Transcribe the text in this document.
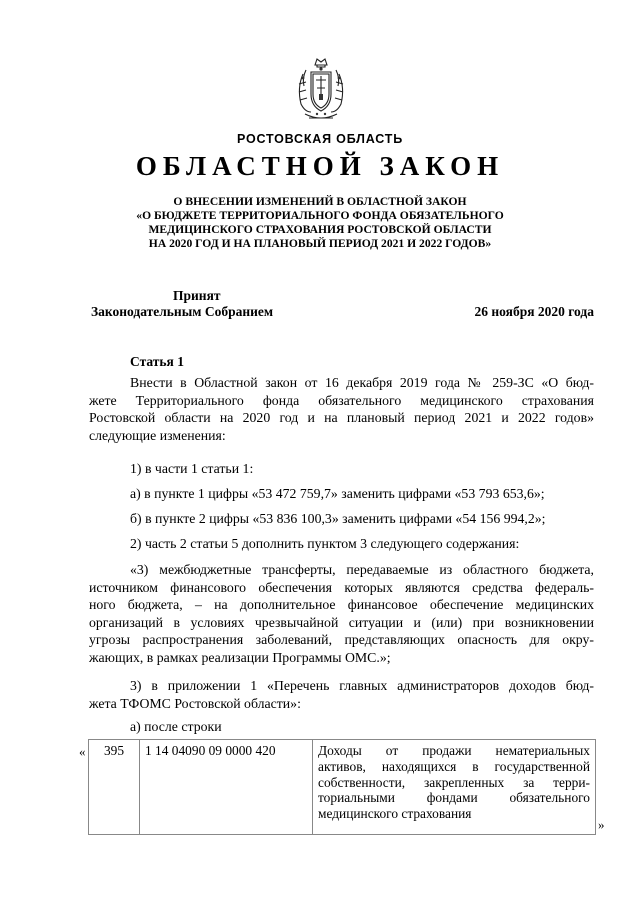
РОСТОВСКАЯ ОБЛАСТЬ
ОБЛАСТНОЙ ЗАКОН
О ВНЕСЕНИИ ИЗМЕНЕНИЙ В ОБЛАСТНОЙ ЗАКОН
«О БЮДЖЕТЕ ТЕРРИТОРИАЛЬНОГО ФОНДА ОБЯЗАТЕЛЬНОГО
МЕДИЦИНСКОГО СТРАХОВАНИЯ РОСТОВСКОЙ ОБЛАСТИ
НА 2020 ГОД И НА ПЛАНОВЫЙ ПЕРИОД 2021 И 2022 ГОДОВ»
Принят
Законодательным Собранием	26 ноября 2020 года
Статья 1
Внести в Областной закон от 16 декабря 2019 года № 259-ЗС «О бюд-
жете Территориального фонда обязательного медицинского страхования
Ростовской области на 2020 год и на плановый период 2021 и 2022 годов»
следующие изменения:
1) в части 1 статьи 1:
а) в пункте 1 цифры «53 472 759,7» заменить цифрами «53 793 653,6»;
б) в пункте 2 цифры «53 836 100,3» заменить цифрами «54 156 994,2»;
2) часть 2 статьи 5 дополнить пунктом 3 следующего содержания:
«3) межбюджетные трансферты, передаваемые из областного бюджета,
источником финансового обеспечения которых являются средства федераль-
ного бюджета, – на дополнительное финансовое обеспечение медицинских
организаций в условиях чрезвычайной ситуации и (или) при возникновении
угрозы распространения заболеваний, представляющих опасность для окру-
жающих, в рамках реализации Программы ОМС.»;
3) в приложении 1 «Перечень главных администраторов доходов бюд-
жета ТФОМС Ростовской области»:
а) после строки
« 395	1 14 04090 09 0000 420	Доходы от продажи нематериальных
активов, находящихся в государственной
собственности, закрепленных за терри-
ториальными фондами обязательного
медицинского страхования
»
